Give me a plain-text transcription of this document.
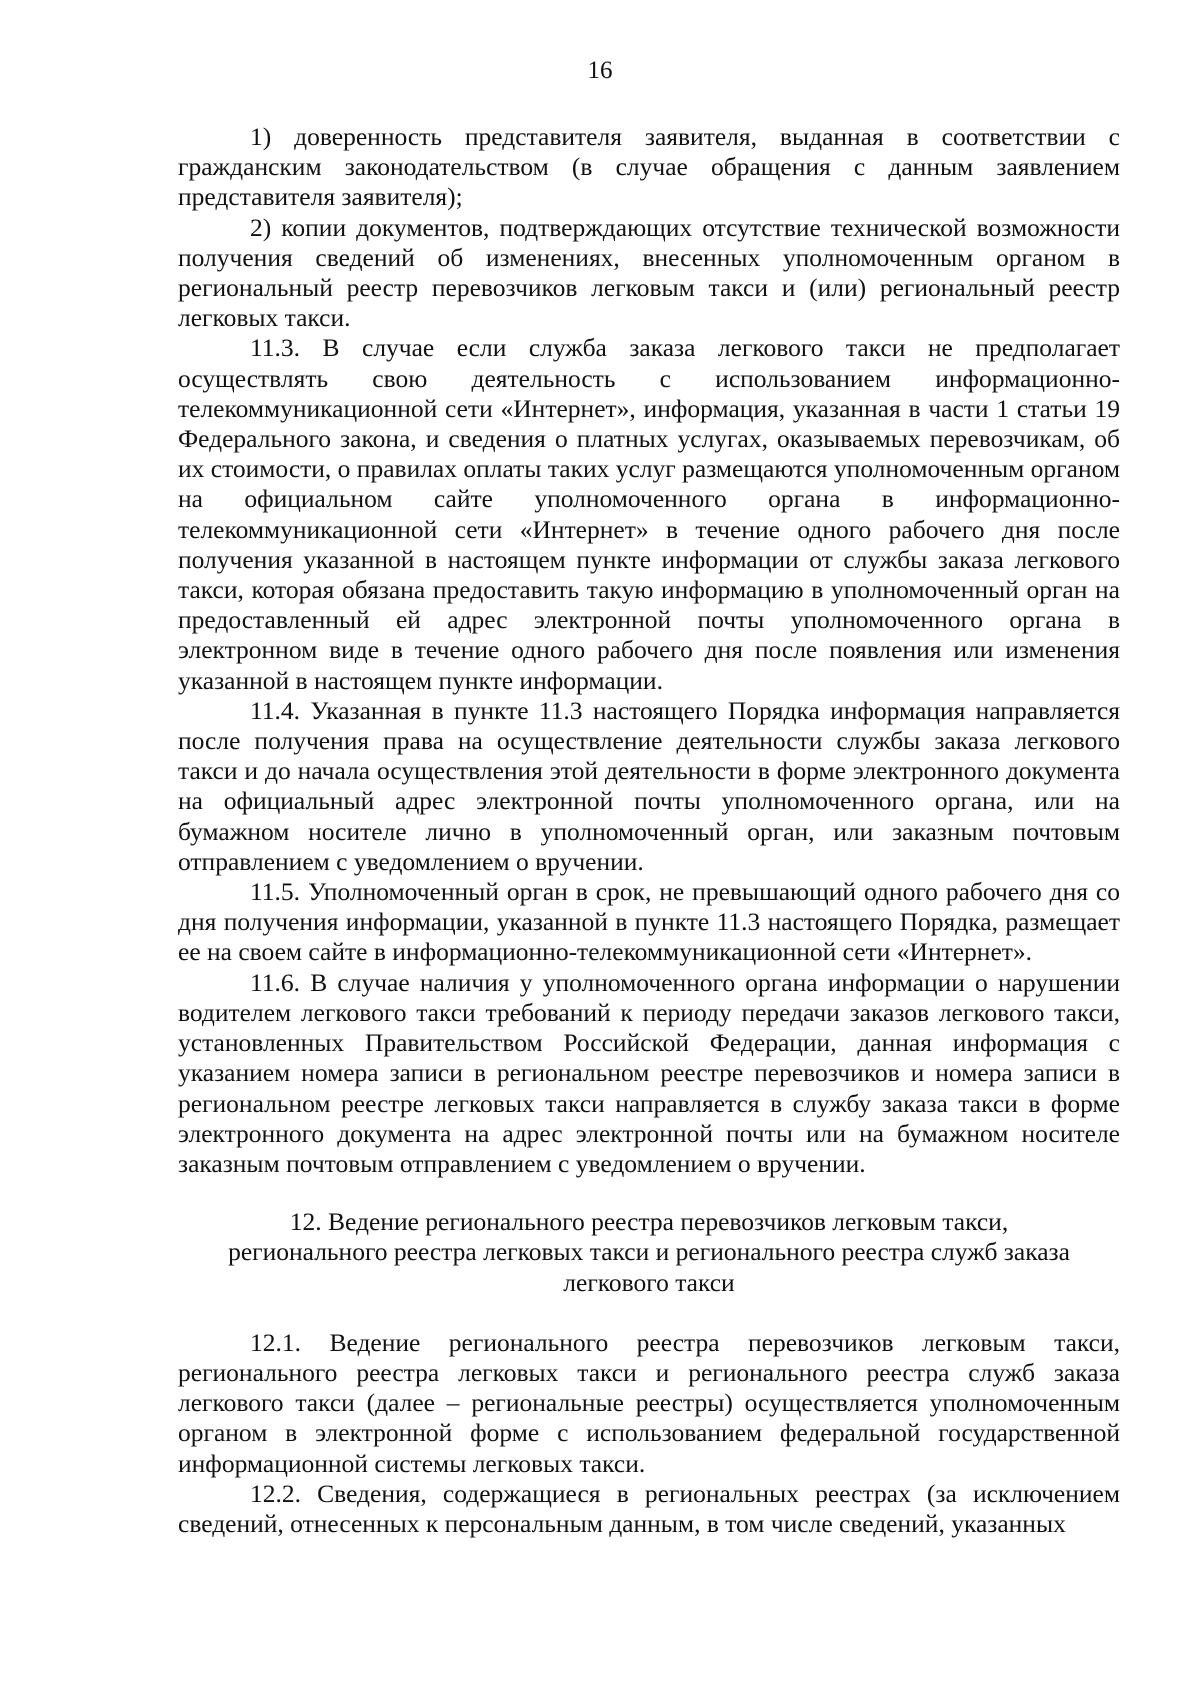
16

1) доверенность представителя заявителя, выданная в соответствии с гражданским законодательством (в случае обращения с данным заявлением представителя заявителя);

2) копии документов, подтверждающих отсутствие технической возможности получения сведений об изменениях, внесенных уполномоченным органом в региональный реестр перевозчиков легковым такси и (или) региональный реестр легковых такси.

11.3. В случае если служба заказа легкового такси не предполагает осуществлять свою деятельность с использованием информационно-телекоммуникационной сети «Интернет», информация, указанная в части 1 статьи 19 Федерального закона, и сведения о платных услугах, оказываемых перевозчикам, об их стоимости, о правилах оплаты таких услуг размещаются уполномоченным органом на официальном сайте уполномоченного органа в информационно-телекоммуникационной сети «Интернет» в течение одного рабочего дня после получения указанной в настоящем пункте информации от службы заказа легкового такси, которая обязана предоставить такую информацию в уполномоченный орган на предоставленный ей адрес электронной почты уполномоченного органа в электронном виде в течение одного рабочего дня после появления или изменения указанной в настоящем пункте информации.

11.4. Указанная в пункте 11.3 настоящего Порядка информация направляется после получения права на осуществление деятельности службы заказа легкового такси и до начала осуществления этой деятельности в форме электронного документа на официальный адрес электронной почты уполномоченного органа, или на бумажном носителе лично в уполномоченный орган, или заказным почтовым отправлением с уведомлением о вручении.

11.5. Уполномоченный орган в срок, не превышающий одного рабочего дня со дня получения информации, указанной в пункте 11.3 настоящего Порядка, размещает ее на своем сайте в информационно-телекоммуникационной сети «Интернет».

11.6. В случае наличия у уполномоченного органа информации о нарушении водителем легкового такси требований к периоду передачи заказов легкового такси, установленных Правительством Российской Федерации, данная информация с указанием номера записи в региональном реестре перевозчиков и номера записи в региональном реестре легковых такси направляется в службу заказа такси в форме электронного документа на адрес электронной почты или на бумажном носителе заказным почтовым отправлением с уведомлением о вручении.

12. Ведение регионального реестра перевозчиков легковым такси,
регионального реестра легковых такси и регионального реестра служб заказа
легкового такси

12.1. Ведение регионального реестра перевозчиков легковым такси, регионального реестра легковых такси и регионального реестра служб заказа легкового такси (далее – региональные реестры) осуществляется уполномоченным органом в электронной форме с использованием федеральной государственной информационной системы легковых такси.

12.2. Сведения, содержащиеся в региональных реестрах (за исключением сведений, отнесенных к персональным данным, в том числе сведений, указанных
